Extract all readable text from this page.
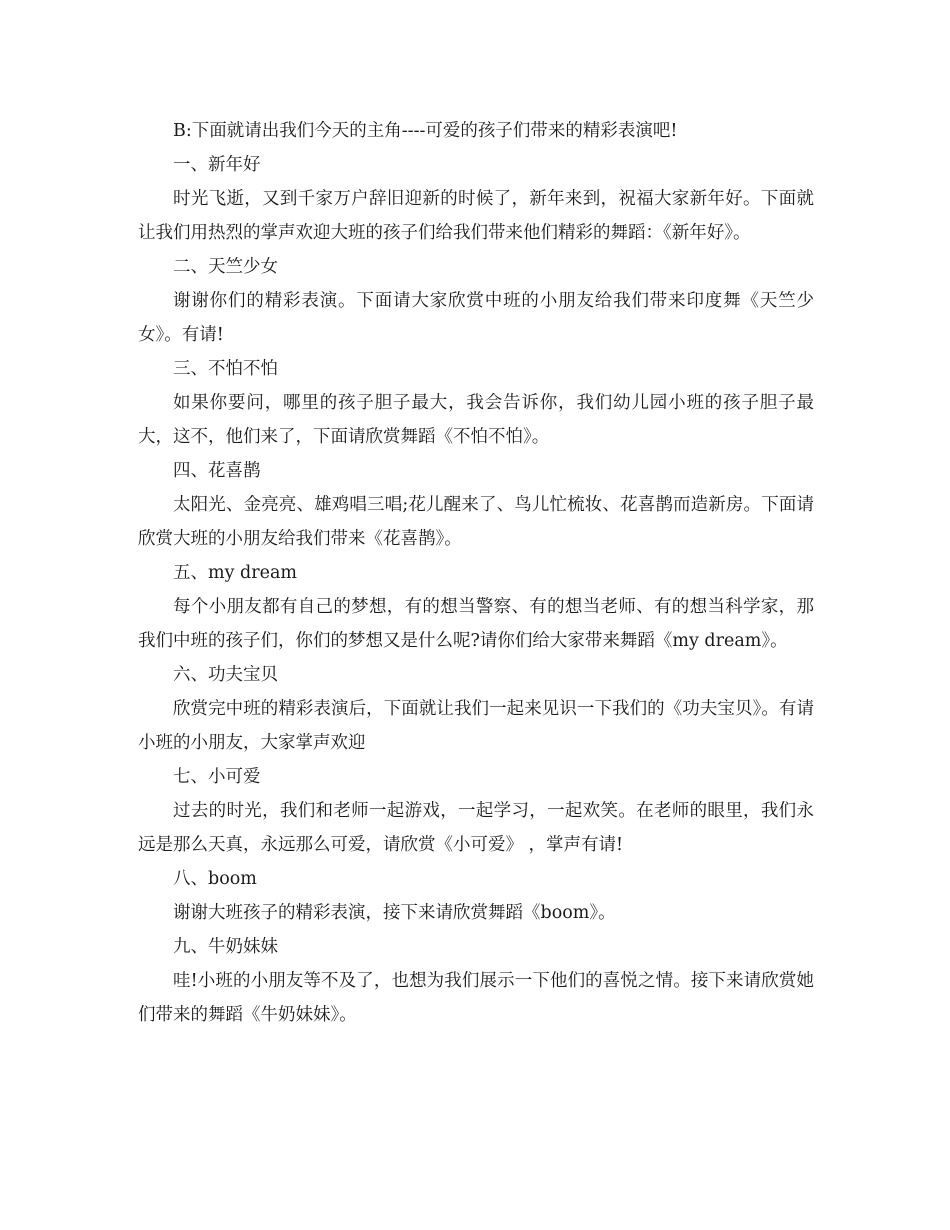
B:下面就请出我们今天的主角----可爱的孩子们带来的精彩表演吧!

一、新年好

时光飞逝，又到千家万户辞旧迎新的时候了，新年来到，祝福大家新年好。下面就让我们用热烈的掌声欢迎大班的孩子们给我们带来他们精彩的舞蹈：《新年好》。

二、天竺少女

谢谢你们的精彩表演。下面请大家欣赏中班的小朋友给我们带来印度舞《天竺少女》。有请!

三、不怕不怕

如果你要问，哪里的孩子胆子最大，我会告诉你，我们幼儿园小班的孩子胆子最大，这不，他们来了，下面请欣赏舞蹈《不怕不怕》。

四、花喜鹊

太阳光、金亮亮、雄鸡唱三唱;花儿醒来了、鸟儿忙梳妆、花喜鹊而造新房。下面请欣赏大班的小朋友给我们带来《花喜鹊》。

五、my dream

每个小朋友都有自己的梦想，有的想当警察、有的想当老师、有的想当科学家，那我们中班的孩子们，你们的梦想又是什么呢?请你们给大家带来舞蹈《my dream》。

六、功夫宝贝

欣赏完中班的精彩表演后，下面就让我们一起来见识一下我们的《功夫宝贝》。有请小班的小朋友，大家掌声欢迎

七、小可爱

过去的时光，我们和老师一起游戏，一起学习，一起欢笑。在老师的眼里，我们永远是那么天真，永远那么可爱，请欣赏《小可爱》 ，掌声有请!

八、boom

谢谢大班孩子的精彩表演，接下来请欣赏舞蹈《boom》。

九、牛奶妹妹

哇!小班的小朋友等不及了，也想为我们展示一下他们的喜悦之情。接下来请欣赏她们带来的舞蹈《牛奶妹妹》。
